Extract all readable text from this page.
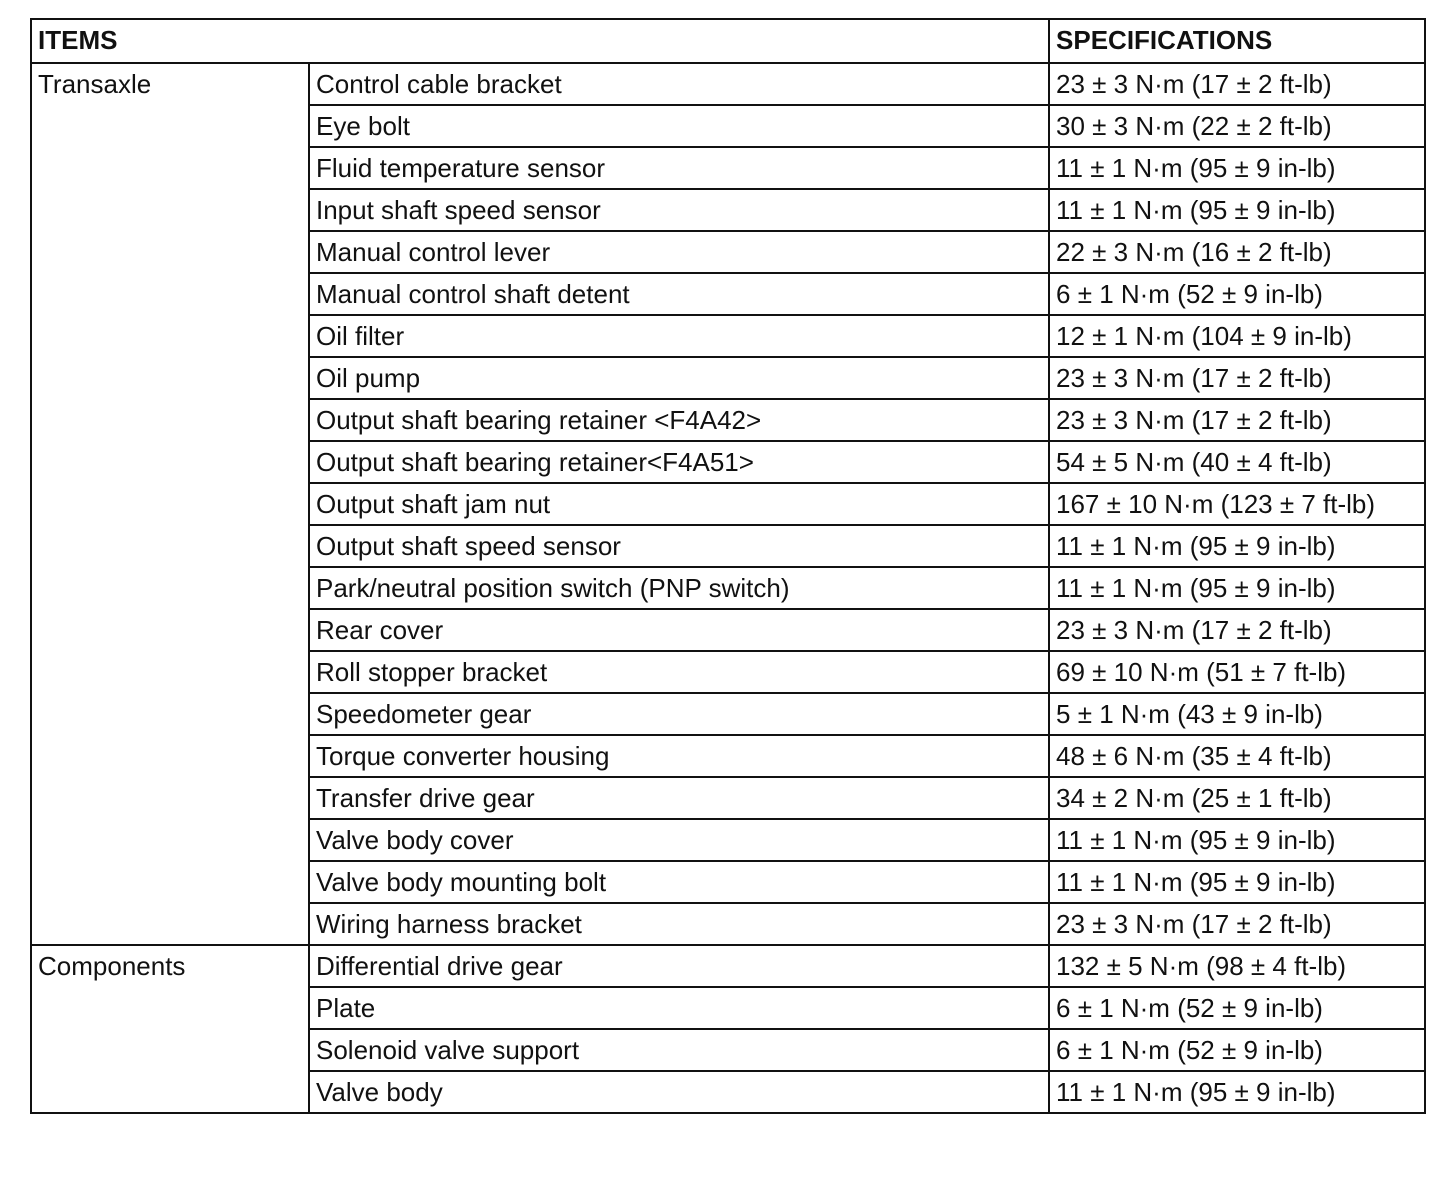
ITEMS		SPECIFICATIONS
Transaxle	Control cable bracket	23 ± 3 N·m (17 ± 2 ft-lb)
	Eye bolt	30 ± 3 N·m (22 ± 2 ft-lb)
	Fluid temperature sensor	11 ± 1 N·m (95 ± 9 in-lb)
	Input shaft speed sensor	11 ± 1 N·m (95 ± 9 in-lb)
	Manual control lever	22 ± 3 N·m (16 ± 2 ft-lb)
	Manual control shaft detent	6 ± 1 N·m (52 ± 9 in-lb)
	Oil filter	12 ± 1 N·m (104 ± 9 in-lb)
	Oil pump	23 ± 3 N·m (17 ± 2 ft-lb)
	Output shaft bearing retainer <F4A42>	23 ± 3 N·m (17 ± 2 ft-lb)
	Output shaft bearing retainer<F4A51>	54 ± 5 N·m (40 ± 4 ft-lb)
	Output shaft jam nut	167 ± 10 N·m (123 ± 7 ft-lb)
	Output shaft speed sensor	11 ± 1 N·m (95 ± 9 in-lb)
	Park/neutral position switch (PNP switch)	11 ± 1 N·m (95 ± 9 in-lb)
	Rear cover	23 ± 3 N·m (17 ± 2 ft-lb)
	Roll stopper bracket	69 ± 10 N·m (51 ± 7 ft-lb)
	Speedometer gear	5 ± 1 N·m (43 ± 9 in-lb)
	Torque converter housing	48 ± 6 N·m (35 ± 4 ft-lb)
	Transfer drive gear	34 ± 2 N·m (25 ± 1 ft-lb)
	Valve body cover	11 ± 1 N·m (95 ± 9 in-lb)
	Valve body mounting bolt	11 ± 1 N·m (95 ± 9 in-lb)
	Wiring harness bracket	23 ± 3 N·m (17 ± 2 ft-lb)
Components	Differential drive gear	132 ± 5 N·m (98 ± 4 ft-lb)
	Plate	6 ± 1 N·m (52 ± 9 in-lb)
	Solenoid valve support	6 ± 1 N·m (52 ± 9 in-lb)
	Valve body	11 ± 1 N·m (95 ± 9 in-lb)
